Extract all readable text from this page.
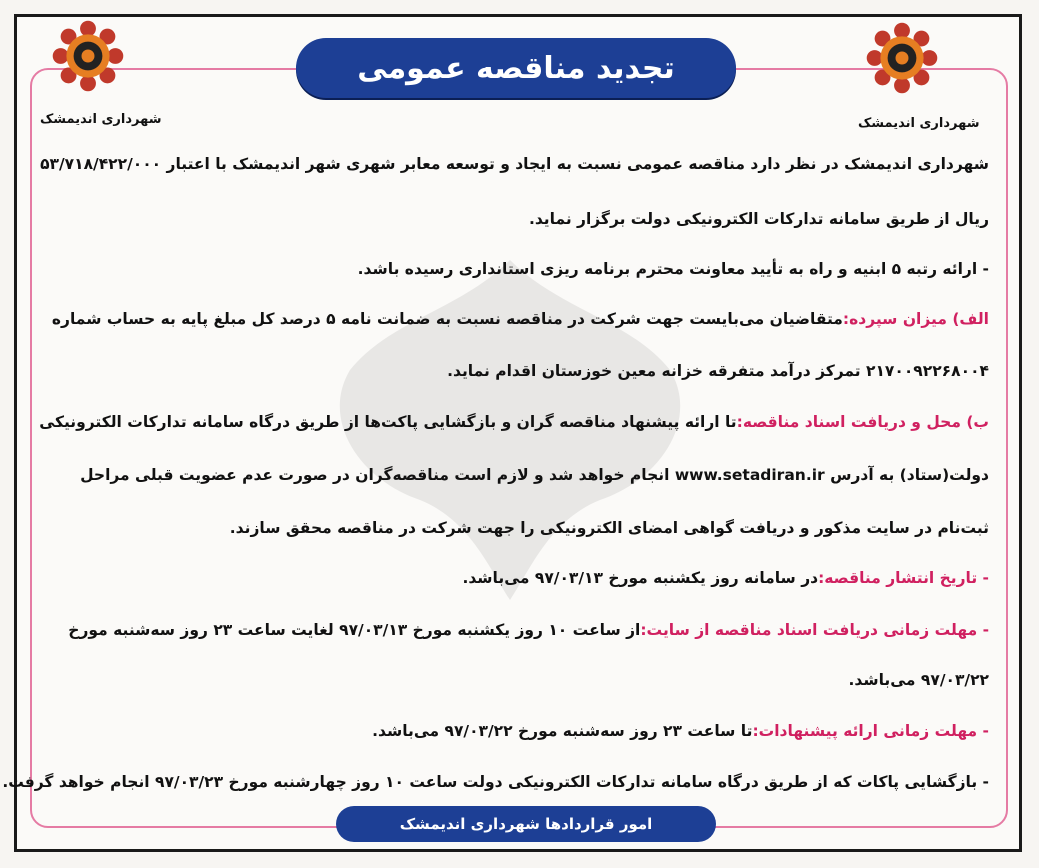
شهرداری اندیمشک	شهرداری اندیمشک
تجدید مناقصه عمومی
شهرداری اندیمشک در نظر دارد مناقصه عمومی نسبت به ایجاد و توسعه معابر شهری شهر اندیمشک با اعتبار ۵۳/۷۱۸/۴۲۲/۰۰۰
ریال از طریق سامانه تدارکات الکترونیکی دولت برگزار نماید.
- ارائه رتبه ۵ ابنیه و راه به تأیید معاونت محترم برنامه ریزی استانداری رسیده باشد.
الف) میزان سپرده:متقاضیان می‌بایست جهت شرکت در مناقصه نسبت به ضمانت نامه ۵ درصد کل مبلغ پایه به حساب شماره
۲۱۷۰۰۹۲۲۶۸۰۰۴ تمرکز درآمد متفرقه خزانه معین خوزستان اقدام نماید.
ب) محل و دریافت اسناد مناقصه:تا ارائه پیشنهاد مناقصه گران و بازگشایی پاکت‌ها از طریق درگاه سامانه تدارکات الکترونیکی
دولت(ستاد) به آدرس www.setadiran.ir انجام خواهد شد و لازم است مناقصه‌گران در صورت عدم عضویت قبلی مراحل
ثبت‌نام در سایت مذکور و دریافت گواهی امضای الکترونیکی را جهت شرکت در مناقصه محقق سازند.
- تاریخ انتشار مناقصه:در سامانه روز یکشنبه مورخ ۹۷/۰۳/۱۳ می‌باشد.
- مهلت زمانی دریافت اسناد مناقصه از سایت:از ساعت ۱۰ روز یکشنبه مورخ ۹۷/۰۳/۱۳ لغایت ساعت ۲۳ روز سه‌شنبه مورخ
۹۷/۰۳/۲۲ می‌باشد.
- مهلت زمانی ارائه پیشنهادات:تا ساعت ۲۳ روز سه‌شنبه مورخ ۹۷/۰۳/۲۲ می‌باشد.
- بازگشایی پاکات که از طریق درگاه سامانه تدارکات الکترونیکی دولت ساعت ۱۰ روز چهارشنبه مورخ ۹۷/۰۳/۲۳ انجام خواهد گرفت.
امور قراردادها شهرداری اندیمشک
